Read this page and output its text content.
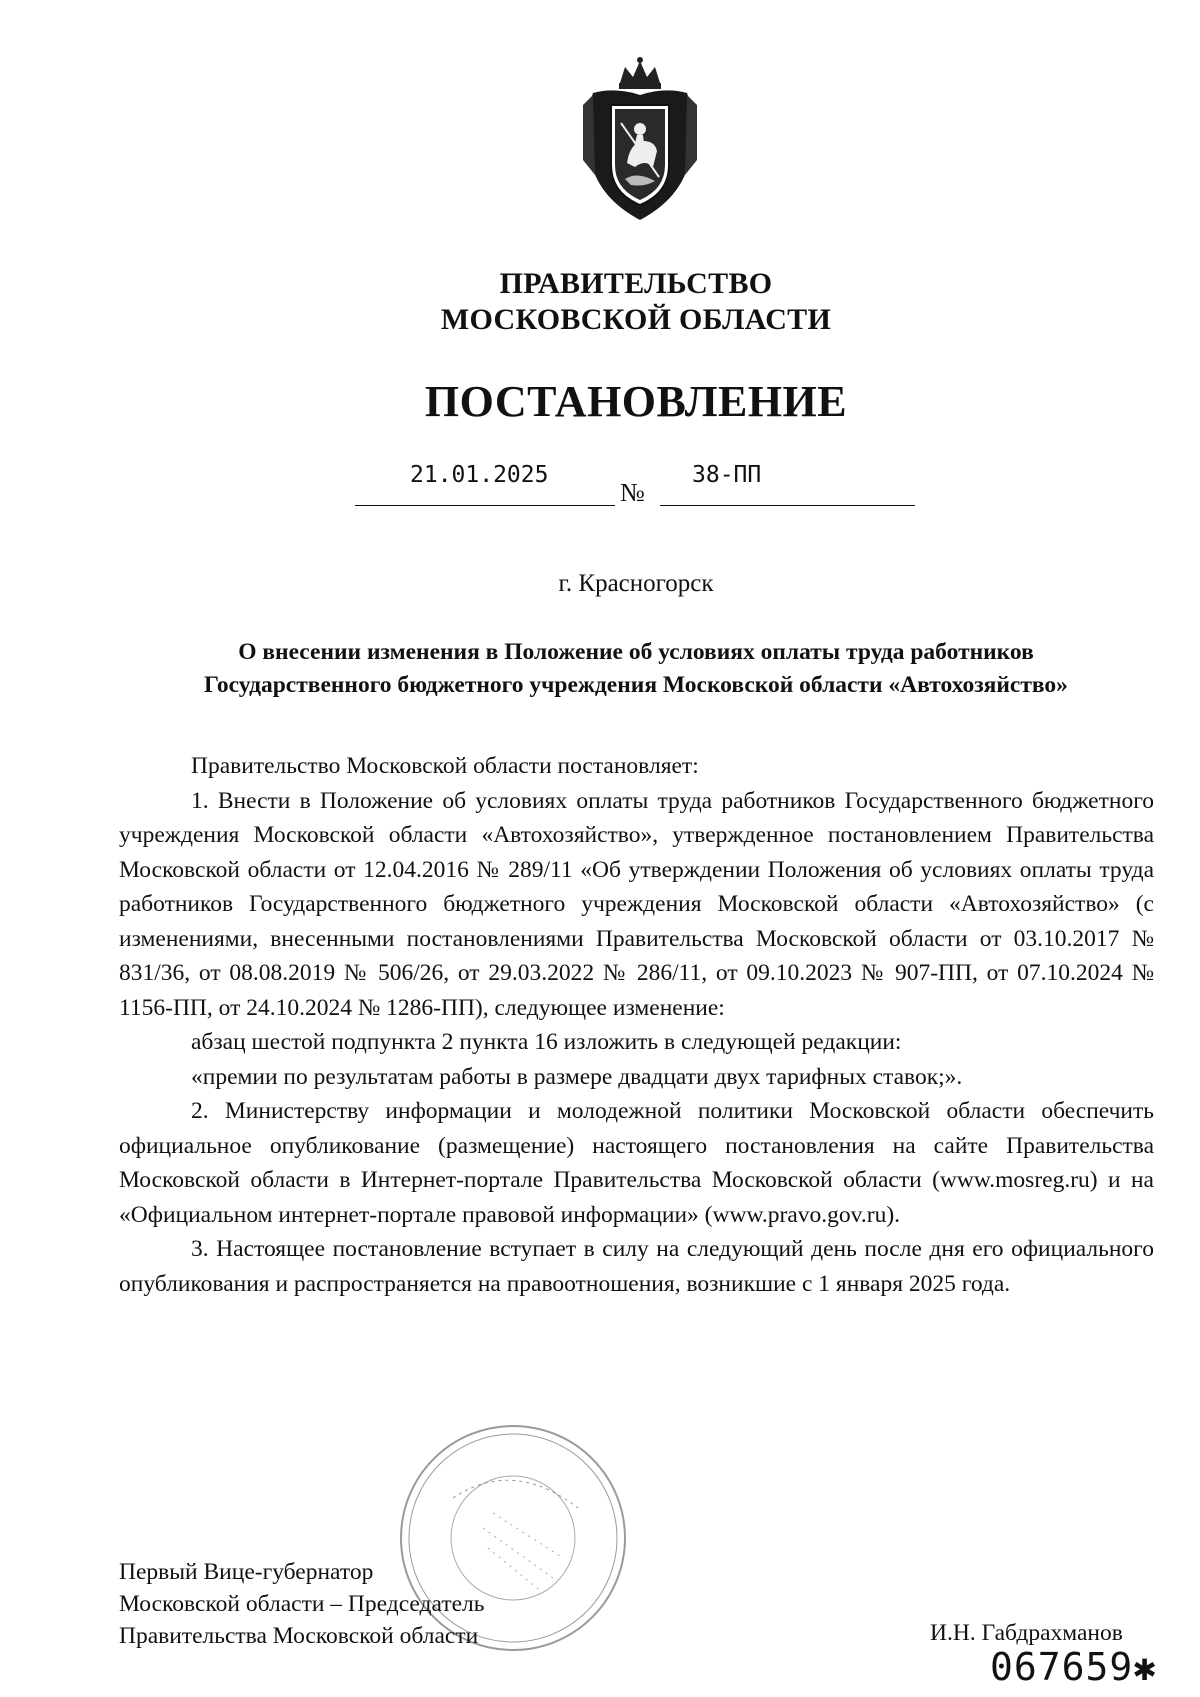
ПРАВИТЕЛЬСТВО
МОСКОВСКОЙ ОБЛАСТИ
ПОСТАНОВЛЕНИЕ
21.01.2025
№
38-ПП
г. Красногорск
О внесении изменения в Положение об условиях оплаты труда работников
Государственного бюджетного учреждения Московской области «Автохозяйство»

Правительство Московской области постановляет:

1. Внести в Положение об условиях оплаты труда работников Государственного бюджетного учреждения Московской области «Автохозяйство», утвержденное постановлением Правительства Московской области от 12.04.2016 № 289/11 «Об утверждении Положения об условиях оплаты труда работников Государственного бюджетного учреждения Московской области «Автохозяйство» (с изменениями, внесенными постановлениями Правительства Московской области от 03.10.2017 № 831/36, от 08.08.2019 № 506/26, от 29.03.2022 № 286/11, от 09.10.2023 № 907-ПП, от 07.10.2024 № 1156-ПП, от 24.10.2024 № 1286-ПП), следующее изменение:

абзац шестой подпункта 2 пункта 16 изложить в следующей редакции:

«премии по результатам работы в размере двадцати двух тарифных ставок;».

2. Министерству информации и молодежной политики Московской области обеспечить официальное опубликование (размещение) настоящего постановления на сайте Правительства Московской области в Интернет-портале Правительства Московской области (www.mosreg.ru) и на «Официальном интернет-портале правовой информации» (www.pravo.gov.ru).

3. Настоящее постановление вступает в силу на следующий день после дня его официального опубликования и распространяется на правоотношения, возникшие с 1 января 2025 года.

Первый Вице-губернатор
Московской области – Председатель
Правительства Московской области	И.Н. Габдрахманов
067659✱
